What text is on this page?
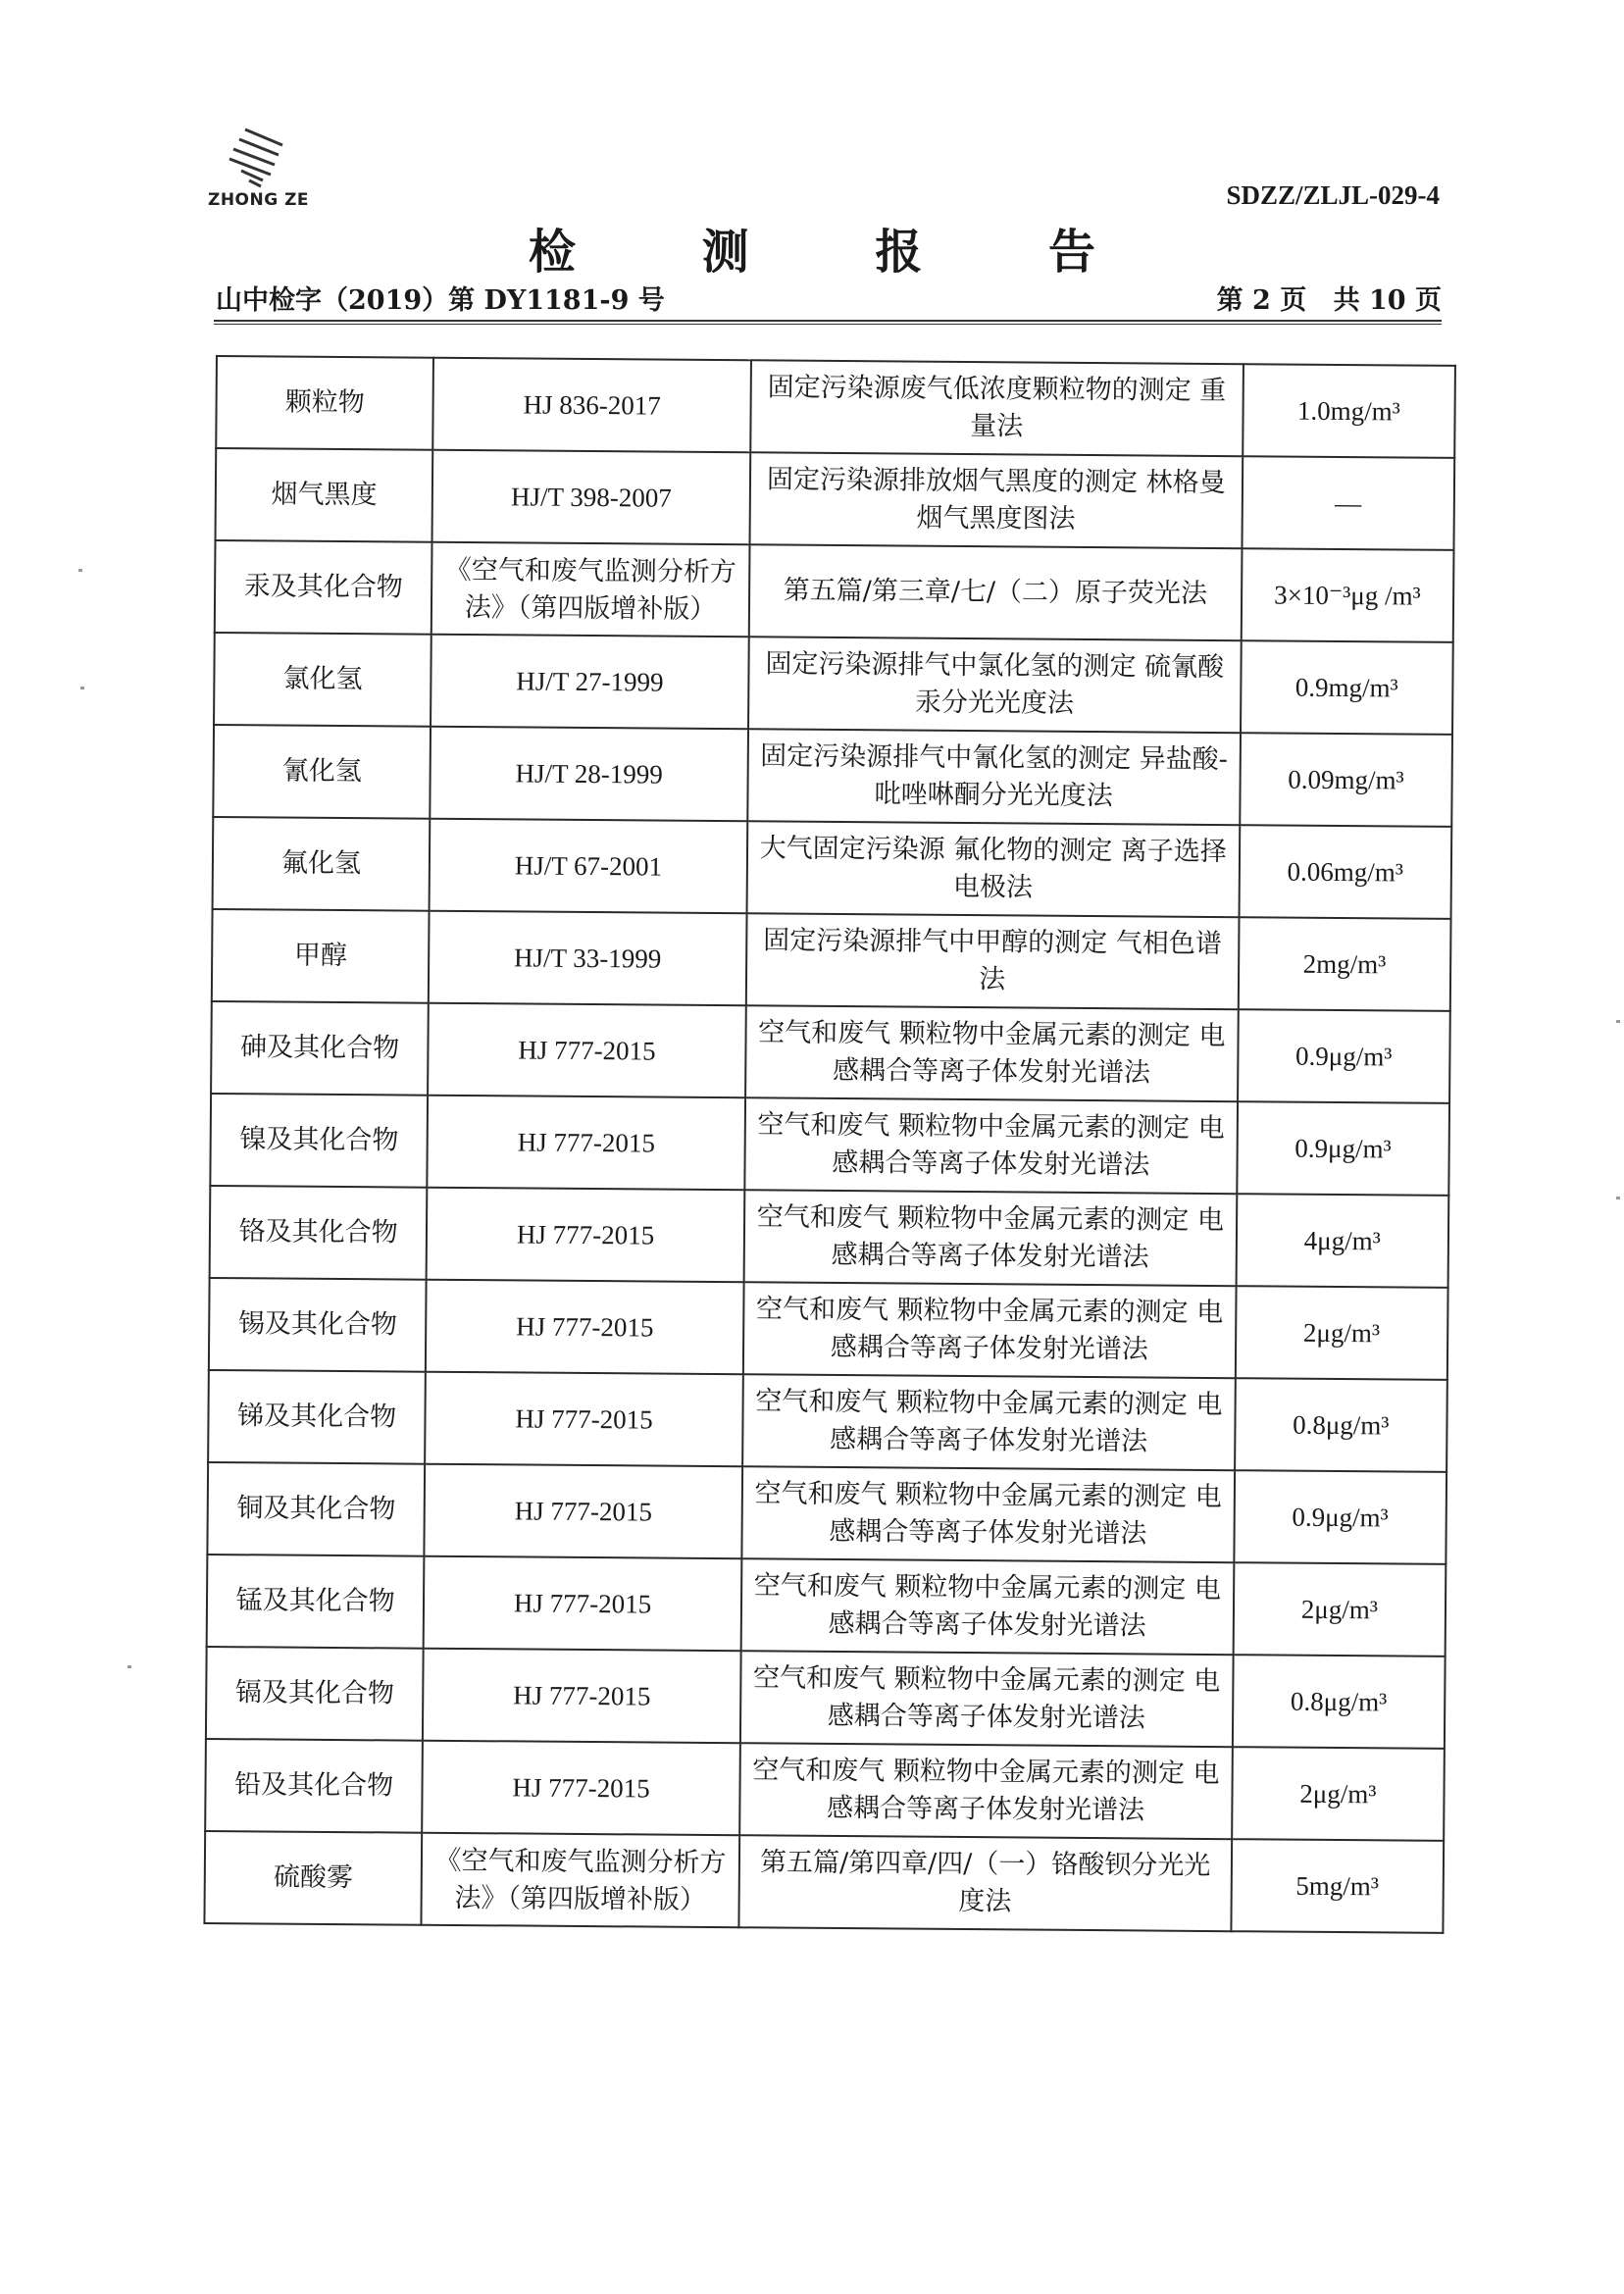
ZHONG ZE	SDZZ/ZLJL-029-4
检 测 报 告
山中检字（2019）第 DY1181-9 号	第 2 页 共 10 页
颗粒物	HJ 836-2017	固定污染源废气低浓度颗粒物的测定 重量法	1.0mg/m³
烟气黑度	HJ/T 398-2007	固定污染源排放烟气黑度的测定 林格曼烟气黑度图法	—
汞及其化合物	《空气和废气监测分析方法》（第四版增补版）	第五篇/第三章/七/（二）原子荧光法	3×10⁻³μg /m³
氯化氢	HJ/T 27-1999	固定污染源排气中氯化氢的测定 硫氰酸汞分光光度法	0.9mg/m³
氰化氢	HJ/T 28-1999	固定污染源排气中氰化氢的测定 异盐酸-吡唑啉酮分光光度法	0.09mg/m³
氟化氢	HJ/T 67-2001	大气固定污染源 氟化物的测定 离子选择电极法	0.06mg/m³
甲醇	HJ/T 33-1999	固定污染源排气中甲醇的测定 气相色谱法	2mg/m³
砷及其化合物	HJ 777-2015	空气和废气 颗粒物中金属元素的测定 电感耦合等离子体发射光谱法	0.9μg/m³
镍及其化合物	HJ 777-2015	空气和废气 颗粒物中金属元素的测定 电感耦合等离子体发射光谱法	0.9μg/m³
铬及其化合物	HJ 777-2015	空气和废气 颗粒物中金属元素的测定 电感耦合等离子体发射光谱法	4μg/m³
锡及其化合物	HJ 777-2015	空气和废气 颗粒物中金属元素的测定 电感耦合等离子体发射光谱法	2μg/m³
锑及其化合物	HJ 777-2015	空气和废气 颗粒物中金属元素的测定 电感耦合等离子体发射光谱法	0.8μg/m³
铜及其化合物	HJ 777-2015	空气和废气 颗粒物中金属元素的测定 电感耦合等离子体发射光谱法	0.9μg/m³
锰及其化合物	HJ 777-2015	空气和废气 颗粒物中金属元素的测定 电感耦合等离子体发射光谱法	2μg/m³
镉及其化合物	HJ 777-2015	空气和废气 颗粒物中金属元素的测定 电感耦合等离子体发射光谱法	0.8μg/m³
铅及其化合物	HJ 777-2015	空气和废气 颗粒物中金属元素的测定 电感耦合等离子体发射光谱法	2μg/m³
硫酸雾	《空气和废气监测分析方法》（第四版增补版）	第五篇/第四章/四/（一）铬酸钡分光光度法	5mg/m³
